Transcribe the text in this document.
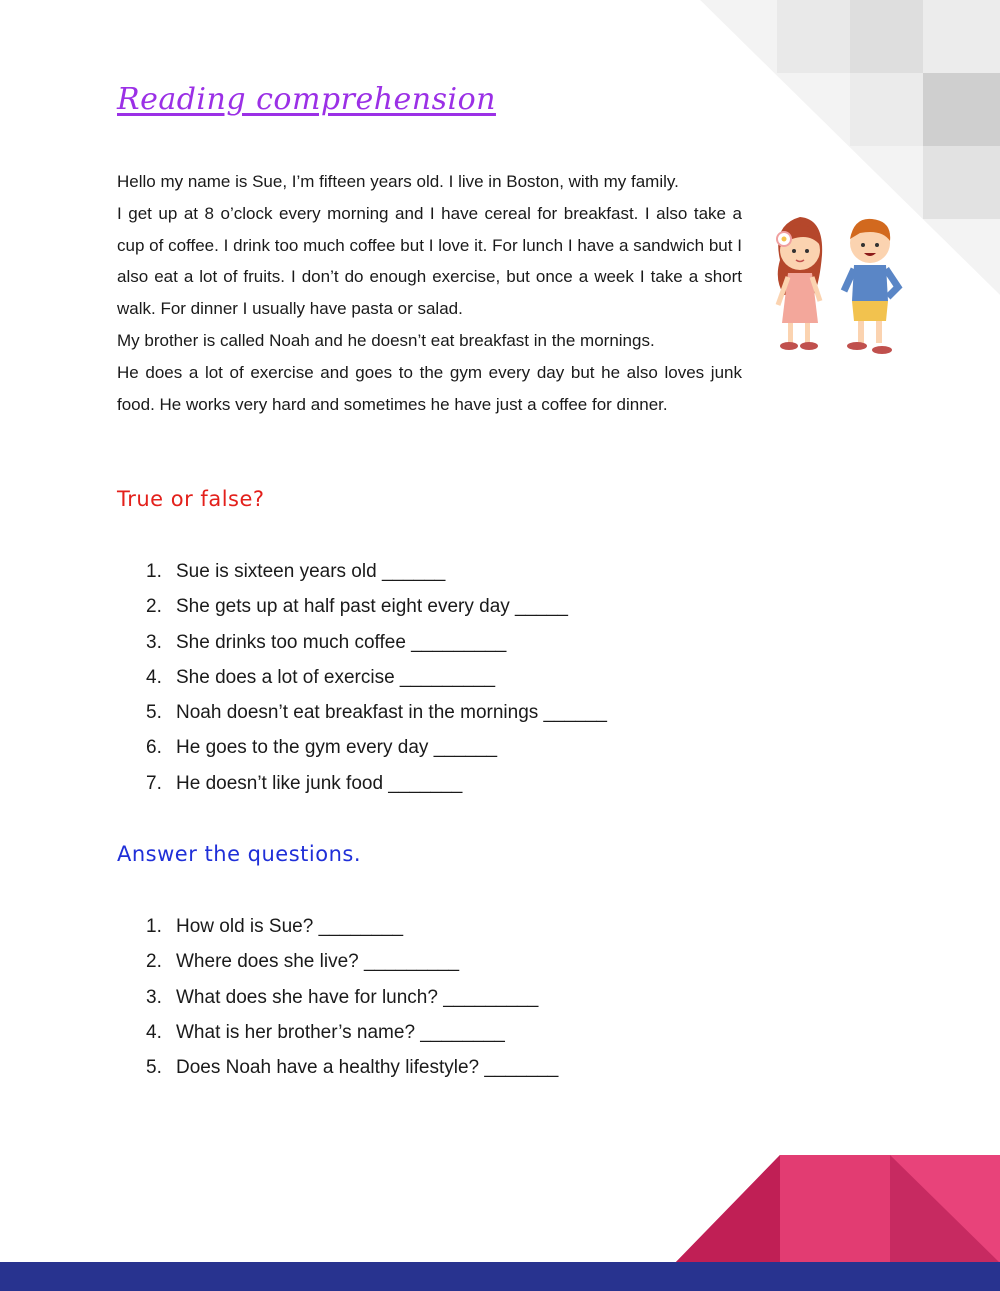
Reading comprehension

Hello my name is Sue, I’m fifteen years old. I live in Boston, with my family.

I get up at 8 o’clock every morning and I have cereal for breakfast. I also take a cup of coffee. I drink too much coffee but I love it. For lunch I have a sandwich but I also eat a lot of fruits. I don’t do enough exercise, but once a week I take a short walk. For dinner I usually have pasta or salad.

My brother is called Noah and he doesn’t eat breakfast in the mornings.

He does a lot of exercise and goes to the gym every day but he also loves junk food. He works very hard and sometimes he have just a coffee for dinner.

True or false?
1. Sue is sixteen years old ______
2. She gets up at half past eight every day _____
3. She drinks too much coffee _________
4. She does a lot of exercise _________
5. Noah doesn’t eat breakfast in the mornings ______
6. He goes to the gym every day ______
7. He doesn’t like junk food _______
Answer the questions.
1. How old is Sue? ________
2. Where does she live? _________
3. What does she have for lunch? _________
4. What is her brother’s name? ________
5. Does Noah have a healthy lifestyle? _______
